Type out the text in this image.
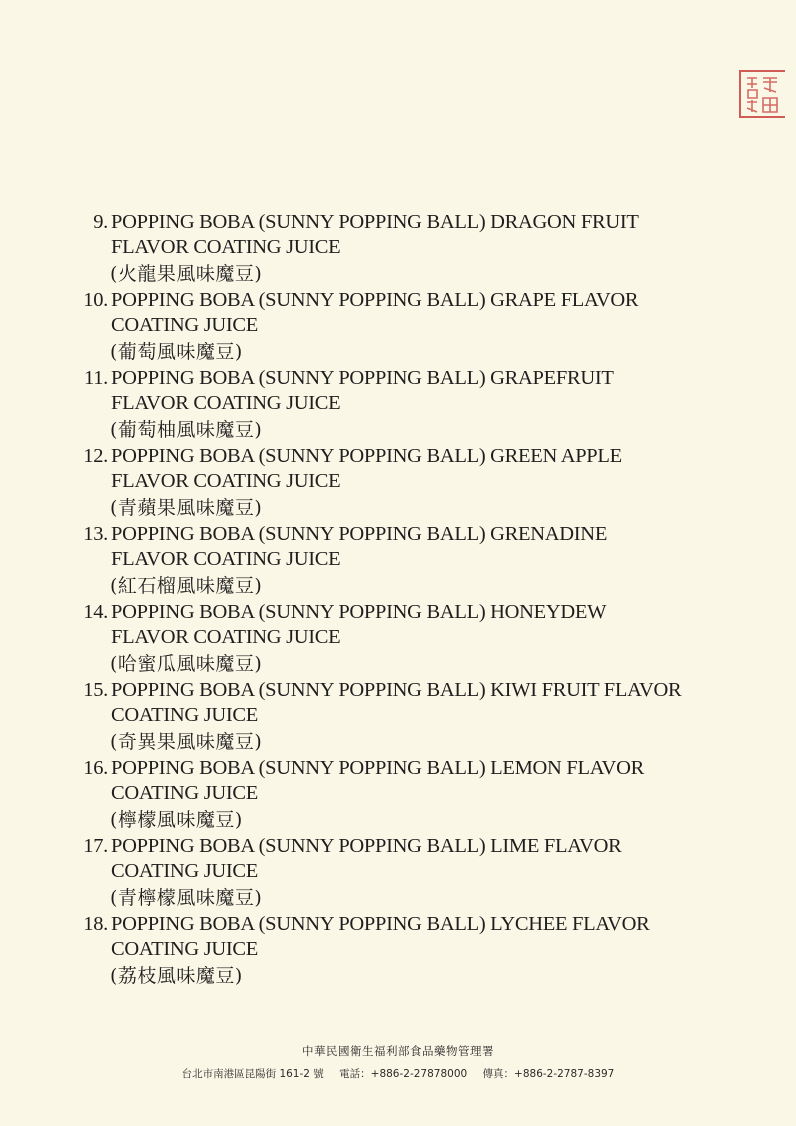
9. POPPING BOBA (SUNNY POPPING BALL) DRAGON FRUIT
FLAVOR COATING JUICE
(火龍果風味魔豆)
10. POPPING BOBA (SUNNY POPPING BALL) GRAPE FLAVOR
COATING JUICE
(葡萄風味魔豆)
11. POPPING BOBA (SUNNY POPPING BALL) GRAPEFRUIT
FLAVOR COATING JUICE
(葡萄柚風味魔豆)
12. POPPING BOBA (SUNNY POPPING BALL) GREEN APPLE
FLAVOR COATING JUICE
(青蘋果風味魔豆)
13. POPPING BOBA (SUNNY POPPING BALL) GRENADINE
FLAVOR COATING JUICE
(紅石榴風味魔豆)
14. POPPING BOBA (SUNNY POPPING BALL) HONEYDEW
FLAVOR COATING JUICE
(哈蜜瓜風味魔豆)
15. POPPING BOBA (SUNNY POPPING BALL) KIWI FRUIT FLAVOR
COATING JUICE
(奇異果風味魔豆)
16. POPPING BOBA (SUNNY POPPING BALL) LEMON FLAVOR
COATING JUICE
(檸檬風味魔豆)
17. POPPING BOBA (SUNNY POPPING BALL) LIME FLAVOR
COATING JUICE
(青檸檬風味魔豆)
18. POPPING BOBA (SUNNY POPPING BALL) LYCHEE FLAVOR
COATING JUICE
(荔枝風味魔豆)
中華民國衛生福利部食品藥物管理署
台北市南港區昆陽街 161-2 號 電話：+886-2-27878000 傳真：+886-2-2787-8397
